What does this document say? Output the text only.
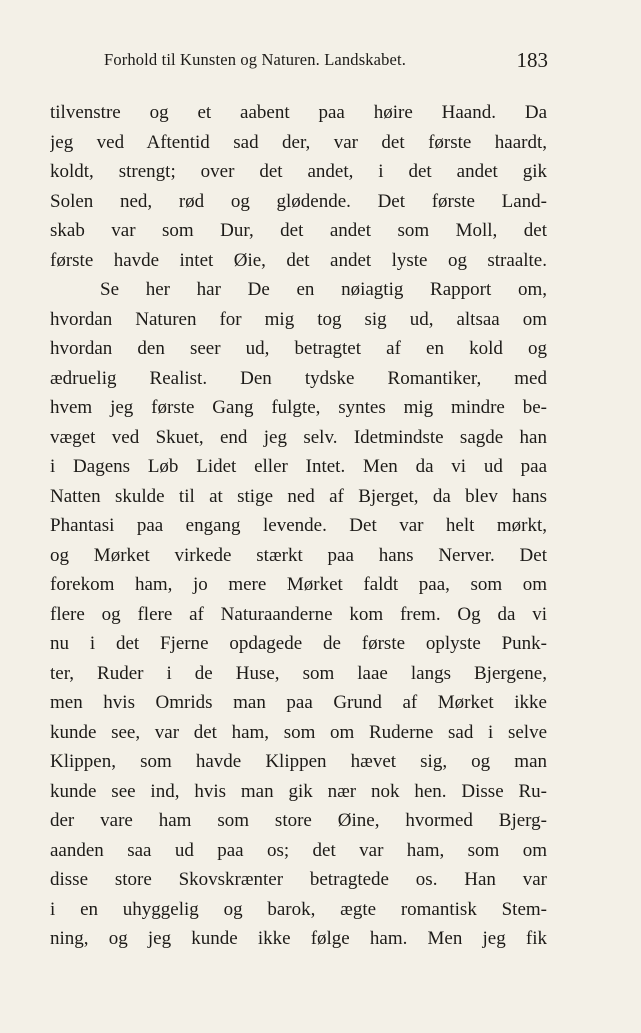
Forhold til Kunsten og Naturen. Landskabet.	183
tilvenstre og et aabent paa høire Haand. Da
jeg ved Aftentid sad der, var det første haardt,
koldt, strengt; over det andet, i det andet gik
Solen ned, rød og glødende. Det første Land-
skab var som Dur, det andet som Moll, det
første havde intet Øie, det andet lyste og straalte.
Se her har De en nøiagtig Rapport om,
hvordan Naturen for mig tog sig ud, altsaa om
hvordan den seer ud, betragtet af en kold og
ædruelig Realist. Den tydske Romantiker, med
hvem jeg første Gang fulgte, syntes mig mindre be-
væget ved Skuet, end jeg selv. Idetmindste sagde han
i Dagens Løb Lidet eller Intet. Men da vi ud paa
Natten skulde til at stige ned af Bjerget, da blev hans
Phantasi paa engang levende. Det var helt mørkt,
og Mørket virkede stærkt paa hans Nerver. Det
forekom ham, jo mere Mørket faldt paa, som om
flere og flere af Naturaanderne kom frem. Og da vi
nu i det Fjerne opdagede de første oplyste Punk-
ter, Ruder i de Huse, som laae langs Bjergene,
men hvis Omrids man paa Grund af Mørket ikke
kunde see, var det ham, som om Ruderne sad i selve
Klippen, som havde Klippen hævet sig, og man
kunde see ind, hvis man gik nær nok hen. Disse Ru-
der vare ham som store Øine, hvormed Bjerg-
aanden saa ud paa os; det var ham, som om
disse store Skovskrænter betragtede os. Han var
i en uhyggelig og barok, ægte romantisk Stem-
ning, og jeg kunde ikke følge ham. Men jeg fik
